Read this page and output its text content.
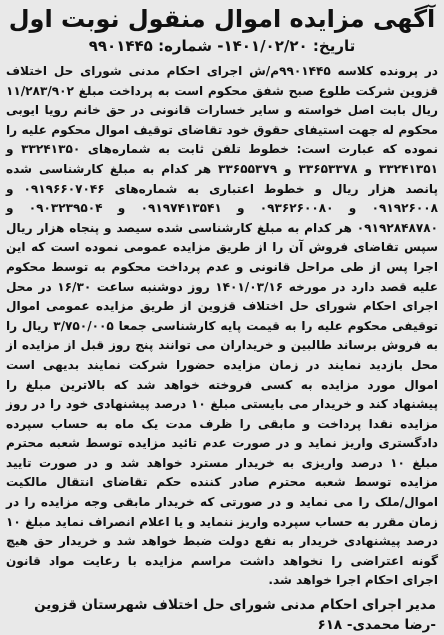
آگهی مزایده اموال منقول نوبت اول
تاریخ: ۱۴۰۱/۰۲/۲۰- شماره: ۹۹۰۱۴۴۵

در پرونده کلاسه ۹۹۰۱۴۴۵م/ش اجرای احکام مدنی شورای حل اختلاف قزوین شرکت طلوع صبح شفق محکوم است به پرداخت مبلغ ۱۱/۲۸۳/۹۰۲ ریال بابت اصل خواسته و سایر خسارات قانونی در حق خانم رویا ایوبی محکوم له جهت استیفای حقوق خود تقاضای توقیف اموال محکوم علیه را نموده که عبارت است: خطوط تلفن ثابت به شماره‌های ۳۳۲۴۱۳۵۰ و ۳۳۲۴۱۳۵۱ و ۳۳۶۵۳۳۷۸ و ۳۳۶۵۵۳۷۹ هر کدام به مبلغ کارشناسی شده پانصد هزار ریال و خطوط اعتباری به شماره‌های ۰۹۱۹۶۶۰۷۰۴۶ و ۰۹۱۹۲۶۰۰۸ و ۰۹۳۶۲۶۰۰۸۰ و ۰۹۱۹۷۴۱۳۵۴۱ و ۰۹۰۳۲۳۹۵۰۴ و ۰۹۱۹۲۸۴۸۷۸۰ هر کدام به مبلغ کارشناسی شده سیصد و پنجاه هزار ریال سپس تقاضای فروش آن را از طریق مزایده عمومی نموده است که این اجرا پس از طی مراحل قانونی و عدم پرداخت محکوم به توسط محکوم علیه قصد دارد در مورخه ۱۴۰۱/۰۳/۱۶ روز دوشنبه ساعت ۱۶/۳۰ در محل اجرای احکام شورای حل اختلاف قزوین از طریق مزایده عمومی اموال توقیفی محکوم علیه را به قیمت پایه کارشناسی جمعا ۳/۷۵۰/۰۰۵ ریال را به فروش برساند طالبین و خریداران می توانند پنج روز قبل از مزایده از محل بازدید نمایند در زمان مزایده حضورا شرکت نمایند بدیهی است اموال مورد مزایده به کسی فروخته خواهد شد که بالاترین مبلغ را پیشنهاد کند و خریدار می بایستی مبلغ ۱۰ درصد پیشنهادی خود را در روز مزایده نقدا پرداخت و مابقی را ظرف مدت یک ماه به حساب سپرده دادگستری واریز نماید و در صورت عدم تائید مزایده توسط شعبه محترم مبلغ ۱۰ درصد واریزی به خریدار مسترد خواهد شد و در صورت تایید مزایده توسط شعبه محترم صادر کننده حکم تقاضای انتقال مالکیت اموال/ملک را می نماید و در صورتی که خریدار مابقی وجه مزایده را در زمان مقرر به حساب سپرده واریز ننماید و یا اعلام انصراف نماید مبلغ ۱۰ درصد پیشنهادی خریدار به نفع دولت ضبط خواهد شد و خریدار حق هیچ گونه اعتراضی را نخواهد داشت مراسم مزایده با رعایت مواد قانون اجرای احکام اجرا خواهد شد.

مدیر اجرای احکام مدنی شورای حل اختلاف شهرستان قزوین -رضا محمدی- ۶۱۸
